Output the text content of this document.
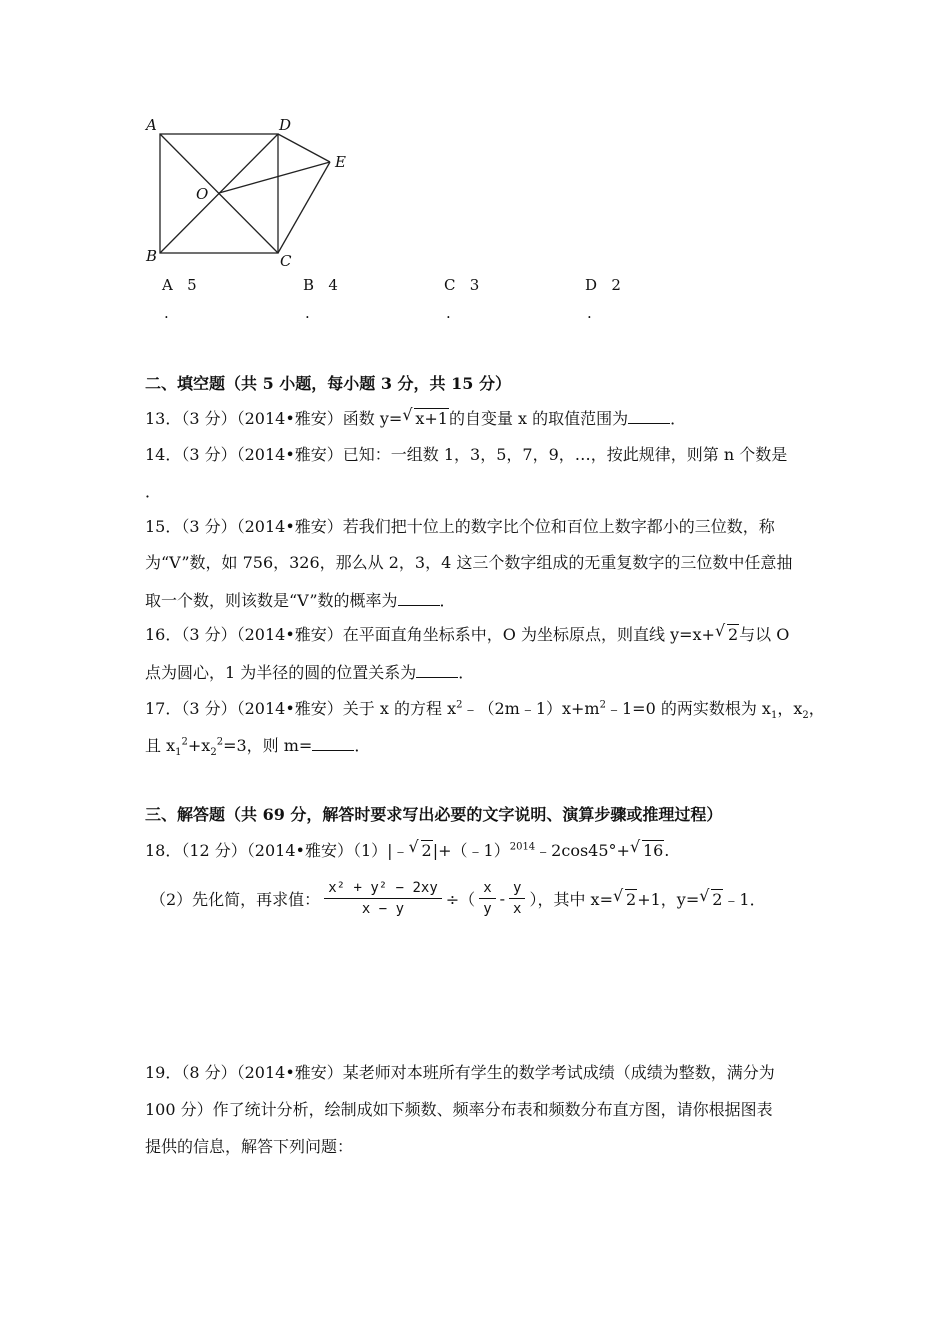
A
B	C
D
E
O
A 5	B 4	C 3	D 2
.	.	.	.
二、填空题（共 5 小题，每小题 3 分，共 15 分）
13．（3 分）（2014•雅安）函数 y= √ x+1的自变量 x 的取值范围为	．
14．（3 分）（2014•雅安）已知：一组数 1，3，5，7，9，…，按此规律，则第 n 个数是
．
15．（3 分）（2014•雅安）若我们把十位上的数字比个位和百位上数字都小的三位数，称
为“V”数，如 756，326，那么从 2，3，4 这三个数字组成的无重复数字的三位数中任意抽
取一个数，则该数是“V”数的概率为	．
16．（3 分）（2014•雅安）在平面直角坐标系中，O 为坐标原点，则直线 y=x+ √ 2与以 O
点为圆心，1 为半径的圆的位置关系为	．
17．（3 分）（2014•雅安）关于 x 的方程 $x^2﹣(2m﹣1)x+m^2﹣1=0$ 的两实数根为 $x_1$，$x_2$，
且 $x_1^2+x_2^2=3$，则 m=	．
三、解答题（共 69 分，解答时要求写出必要的文字说明、演算步骤或推理过程）
18．（12 分）（2014•雅安）（1）|﹣ √ 2|+（﹣1）$^{2014}$﹣2cos45°+ √ 16.
（2）先化简，再求值： $\frac{\text{x² + y² − 2xy}}{x - y}$ ÷（ $\frac{x}{y} - \frac{y}{x}$ ），其中 x= √ 2 +1，y= √ 2 ﹣1．
19．（8 分）（2014•雅安）某老师对本班所有学生的数学考试成绩（成绩为整数，满分为
100 分）作了统计分析，绘制成如下频数、频率分布表和频数分布直方图，请你根据图表
提供的信息，解答下列问题：
